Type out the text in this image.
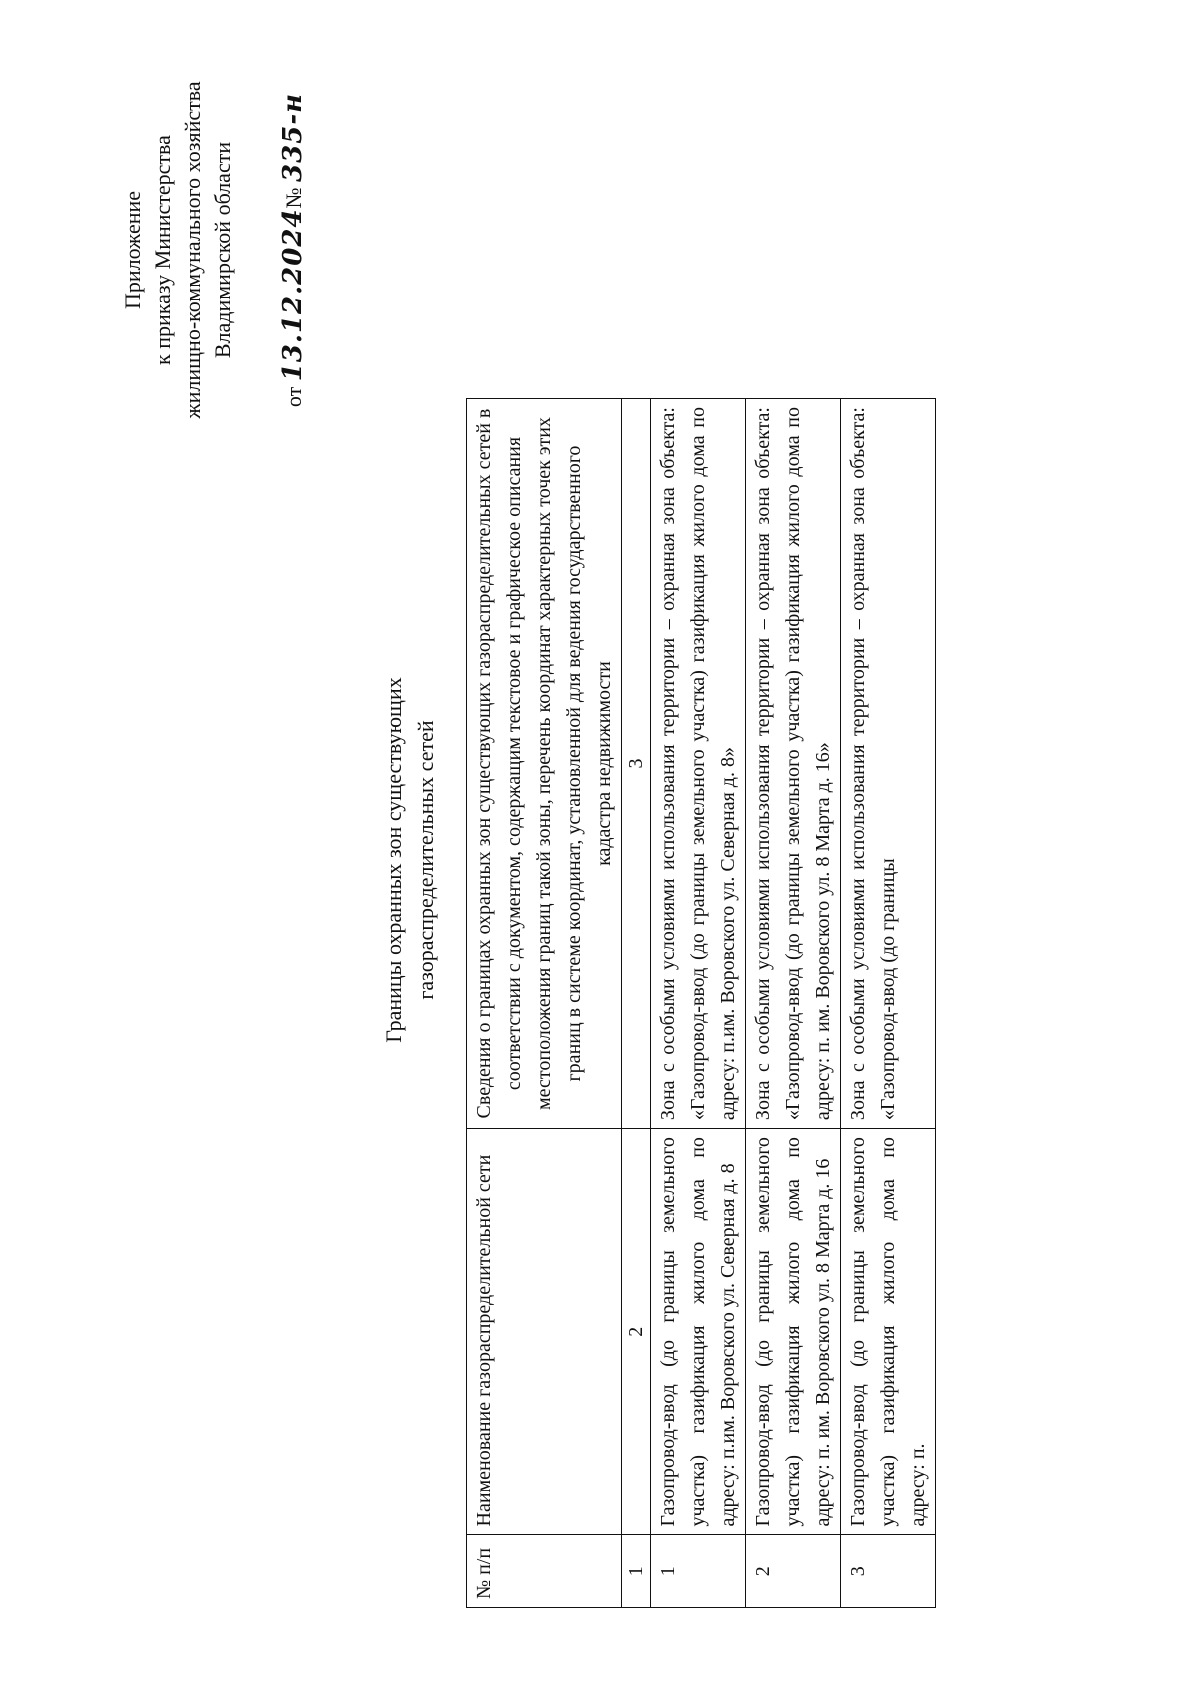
Приложение к приказу Министерства жилищно-коммунального хозяйства Владимирской области
от 13.12.2024№ 335-н
Границы охранных зон существующих газораспределительных сетей
№ п/п	Наименование газораспределительной сети	Сведения о границах охранных зон существующих газораспределительных сетей в соответствии с документом, содержащим текстовое и графическое описания местоположения границ такой зоны, перечень координат характерных точек этих границ в системе координат, установленной для ведения государственного кадастра недвижимости
1	2	3
1	Газопровод-ввод (до границы земельного участка) газификация жилого дома по адресу: п.им. Воровского ул. Северная д. 8	Зона с особыми условиями использования территории – охранная зона объекта: «Газопровод-ввод (до границы земельного участка) газификация жилого дома по адресу: п.им. Воровского ул. Северная д. 8»
2	Газопровод-ввод (до границы земельного участка) газификация жилого дома по адресу: п. им. Воровского ул. 8 Марта д. 16	Зона с особыми условиями использования территории – охранная зона объекта: «Газопровод-ввод (до границы земельного участка) газификация жилого дома по адресу: п. им. Воровского ул. 8 Марта д. 16»
3	Газопровод-ввод (до границы земельного участка) газификация жилого дома по адресу: п.	Зона с особыми условиями использования территории – охранная зона объекта: «Газопровод-ввод (до границы
